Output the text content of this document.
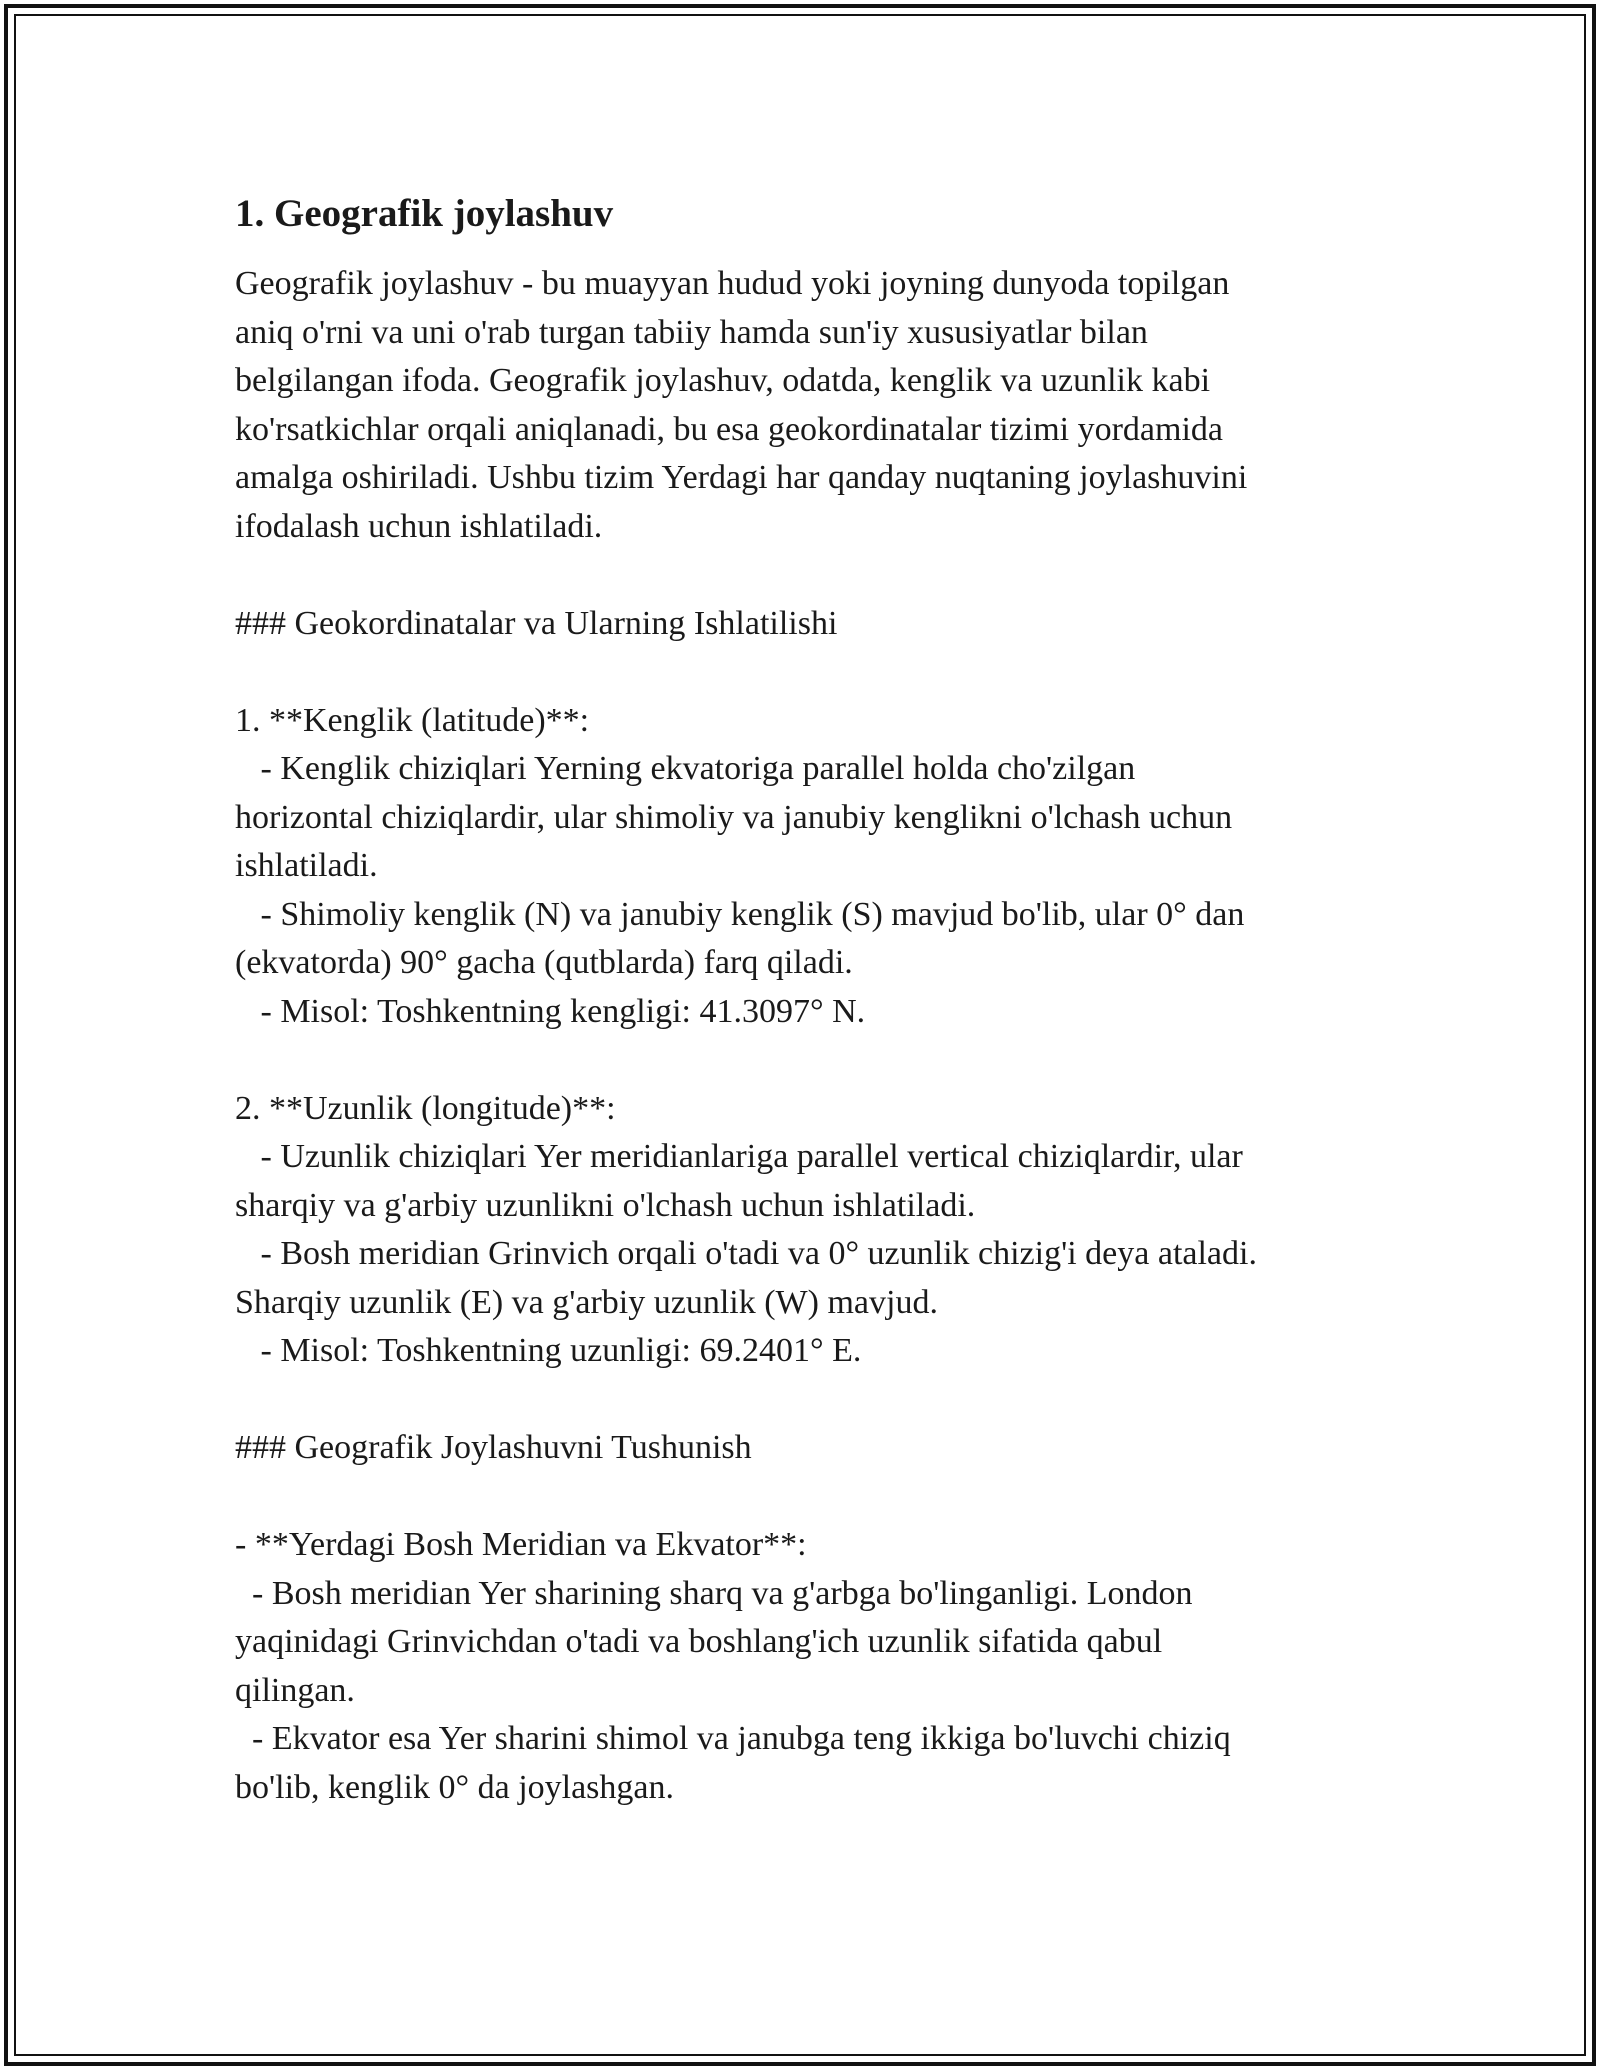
1. Geografik joylashuv
Geografik joylashuv - bu muayyan hudud yoki joyning dunyoda topilgan
aniq o'rni va uni o'rab turgan tabiiy hamda sun'iy xususiyatlar bilan
belgilangan ifoda. Geografik joylashuv, odatda, kenglik va uzunlik kabi
ko'rsatkichlar orqali aniqlanadi, bu esa geokordinatalar tizimi yordamida
amalga oshiriladi. Ushbu tizim Yerdagi har qanday nuqtaning joylashuvini
ifodalash uchun ishlatiladi.
### Geokordinatalar va Ularning Ishlatilishi
1. **Kenglik (latitude)**:
- Kenglik chiziqlari Yerning ekvatoriga parallel holda cho'zilgan
horizontal chiziqlardir, ular shimoliy va janubiy kenglikni o'lchash uchun
ishlatiladi.
- Shimoliy kenglik (N) va janubiy kenglik (S) mavjud bo'lib, ular 0° dan
(ekvatorda) 90° gacha (qutblarda) farq qiladi.
- Misol: Toshkentning kengligi: 41.3097° N.
2. **Uzunlik (longitude)**:
- Uzunlik chiziqlari Yer meridianlariga parallel vertical chiziqlardir, ular
sharqiy va g'arbiy uzunlikni o'lchash uchun ishlatiladi.
- Bosh meridian Grinvich orqali o'tadi va 0° uzunlik chizig'i deya ataladi.
Sharqiy uzunlik (E) va g'arbiy uzunlik (W) mavjud.
- Misol: Toshkentning uzunligi: 69.2401° E.
### Geografik Joylashuvni Tushunish
- **Yerdagi Bosh Meridian va Ekvator**:
- Bosh meridian Yer sharining sharq va g'arbga bo'linganligi. London
yaqinidagi Grinvichdan o'tadi va boshlang'ich uzunlik sifatida qabul
qilingan.
- Ekvator esa Yer sharini shimol va janubga teng ikkiga bo'luvchi chiziq
bo'lib, kenglik 0° da joylashgan.
